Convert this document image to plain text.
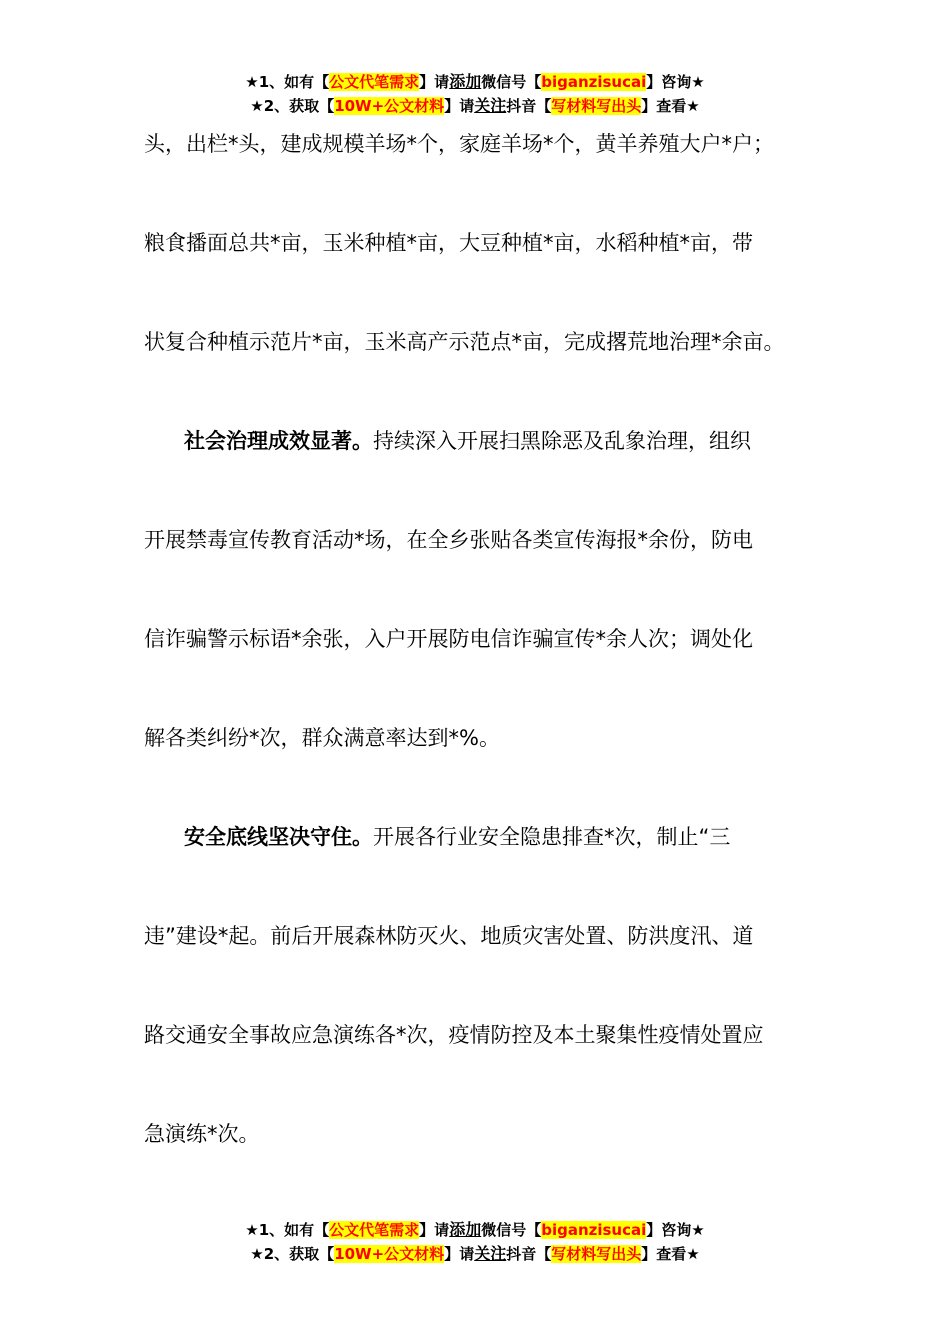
★1、如有【公文代笔需求】请添加微信号【biganzisucai】咨询★
★2、获取【10W+公文材料】请关注抖音【写材料写出头】查看★
头，出栏*头，建成规模羊场*个，家庭羊场*个，黄羊养殖大户*户；
粮食播面总共*亩，玉米种植*亩，大豆种植*亩，水稻种植*亩，带
状复合种植示范片*亩，玉米高产示范点*亩，完成撂荒地治理*余亩。
社会治理成效显著。持续深入开展扫黑除恶及乱象治理，组织
开展禁毒宣传教育活动*场，在全乡张贴各类宣传海报*余份，防电
信诈骗警示标语*余张，入户开展防电信诈骗宣传*余人次；调处化
解各类纠纷*次，群众满意率达到*%。
安全底线坚决守住。开展各行业安全隐患排查*次，制止“三
违”建设*起。前后开展森林防灭火、地质灾害处置、防洪度汛、道
路交通安全事故应急演练各*次，疫情防控及本土聚集性疫情处置应
急演练*次。
★1、如有【公文代笔需求】请添加微信号【biganzisucai】咨询★
★2、获取【10W+公文材料】请关注抖音【写材料写出头】查看★
